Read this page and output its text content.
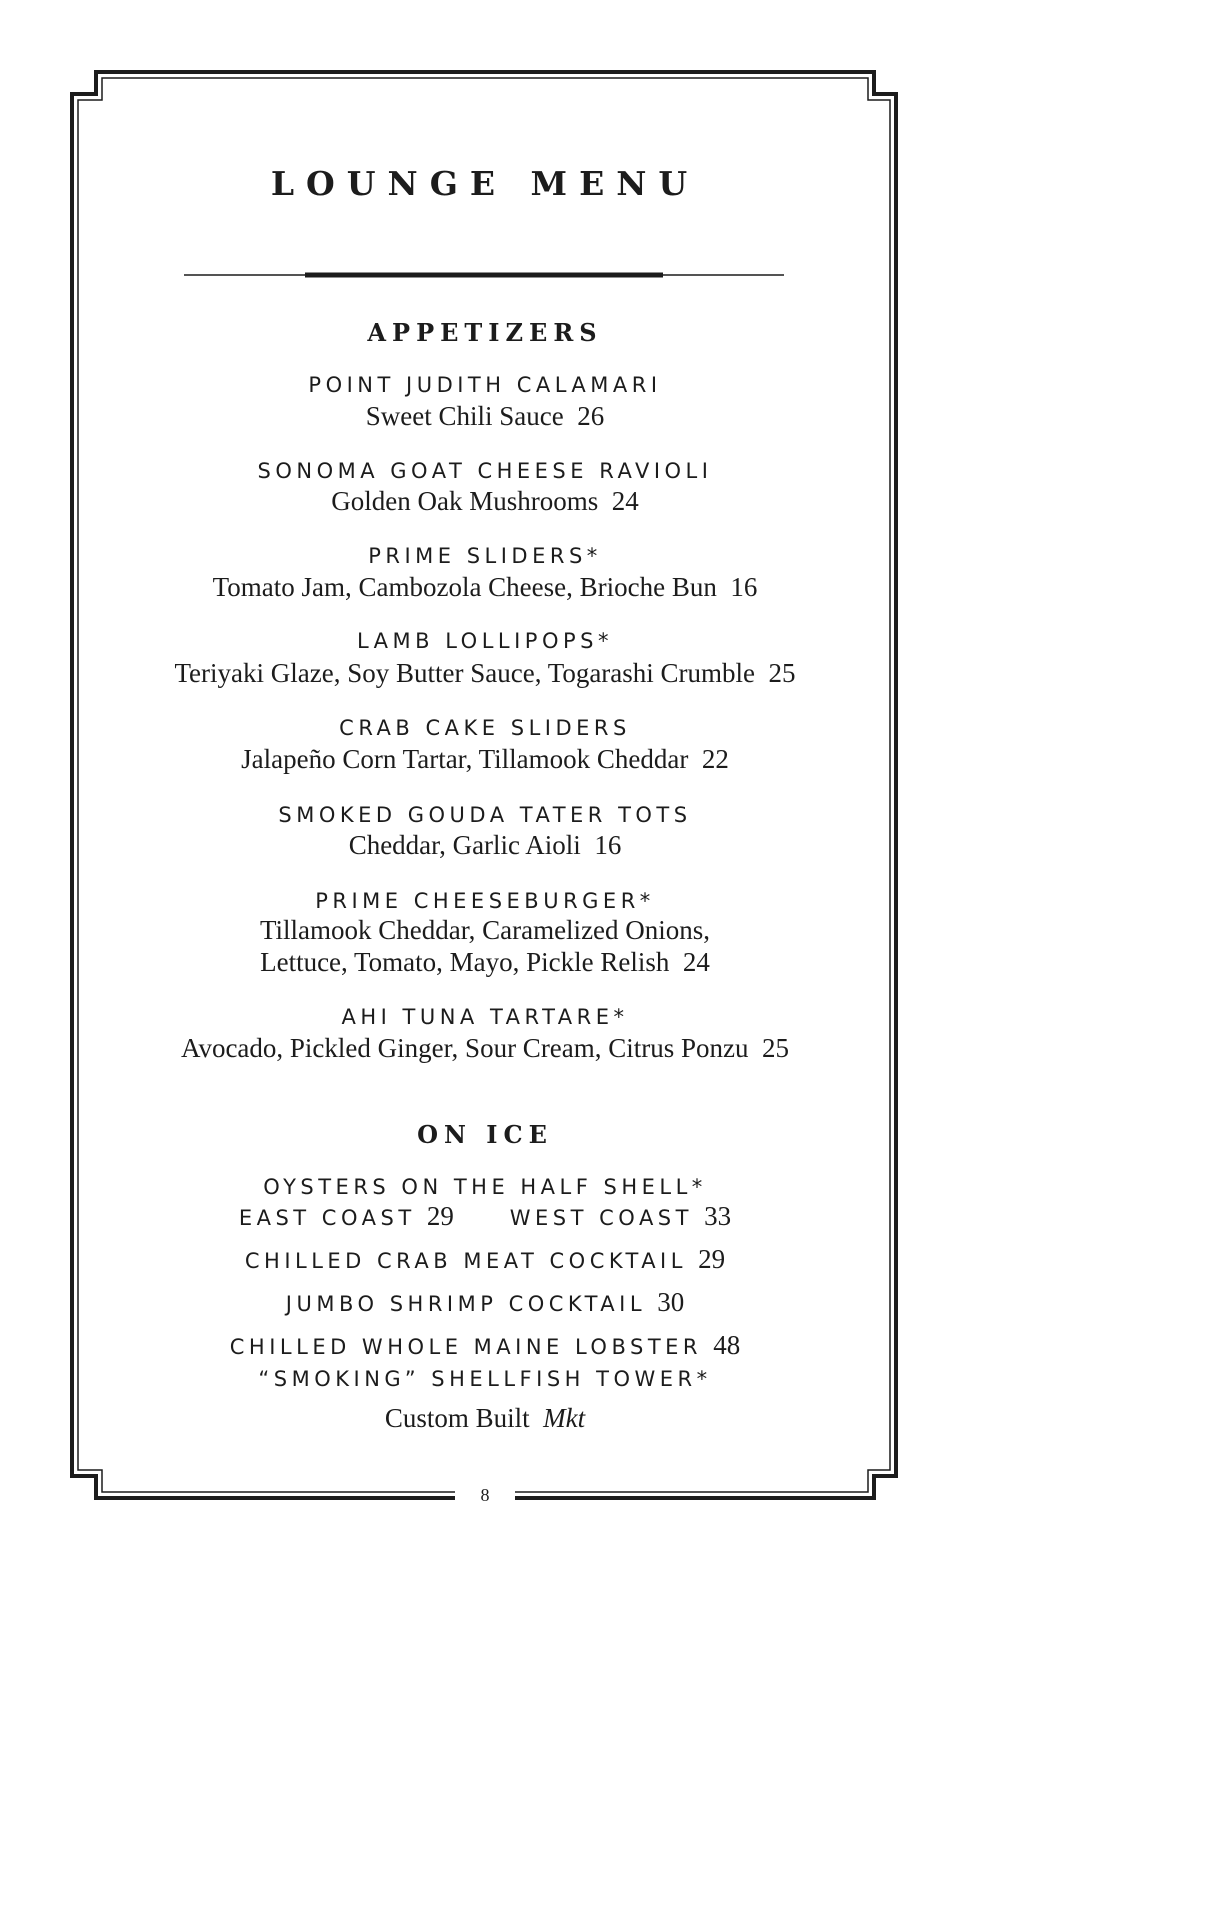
LOUNGE MENU
APPETIZERS
POINT JUDITH CALAMARI
Sweet Chili Sauce 26
SONOMA GOAT CHEESE RAVIOLI
Golden Oak Mushrooms 24
PRIME SLIDERS*
Tomato Jam, Cambozola Cheese, Brioche Bun 16
LAMB LOLLIPOPS*
Teriyaki Glaze, Soy Butter Sauce, Togarashi Crumble 25
CRAB CAKE SLIDERS
Jalapeño Corn Tartar, Tillamook Cheddar 22
SMOKED GOUDA TATER TOTS
Cheddar, Garlic Aioli 16
PRIME CHEESEBURGER*
Tillamook Cheddar, Caramelized Onions,
Lettuce, Tomato, Mayo, Pickle Relish 24
AHI TUNA TARTARE*
Avocado, Pickled Ginger, Sour Cream, Citrus Ponzu 25
ON ICE
OYSTERS ON THE HALF SHELL*
EAST COAST 29	WEST COAST 33
CHILLED CRAB MEAT COCKTAIL 29
JUMBO SHRIMP COCKTAIL 30
CHILLED WHOLE MAINE LOBSTER 48
“SMOKING” SHELLFISH TOWER*
Custom Built Mkt
8
